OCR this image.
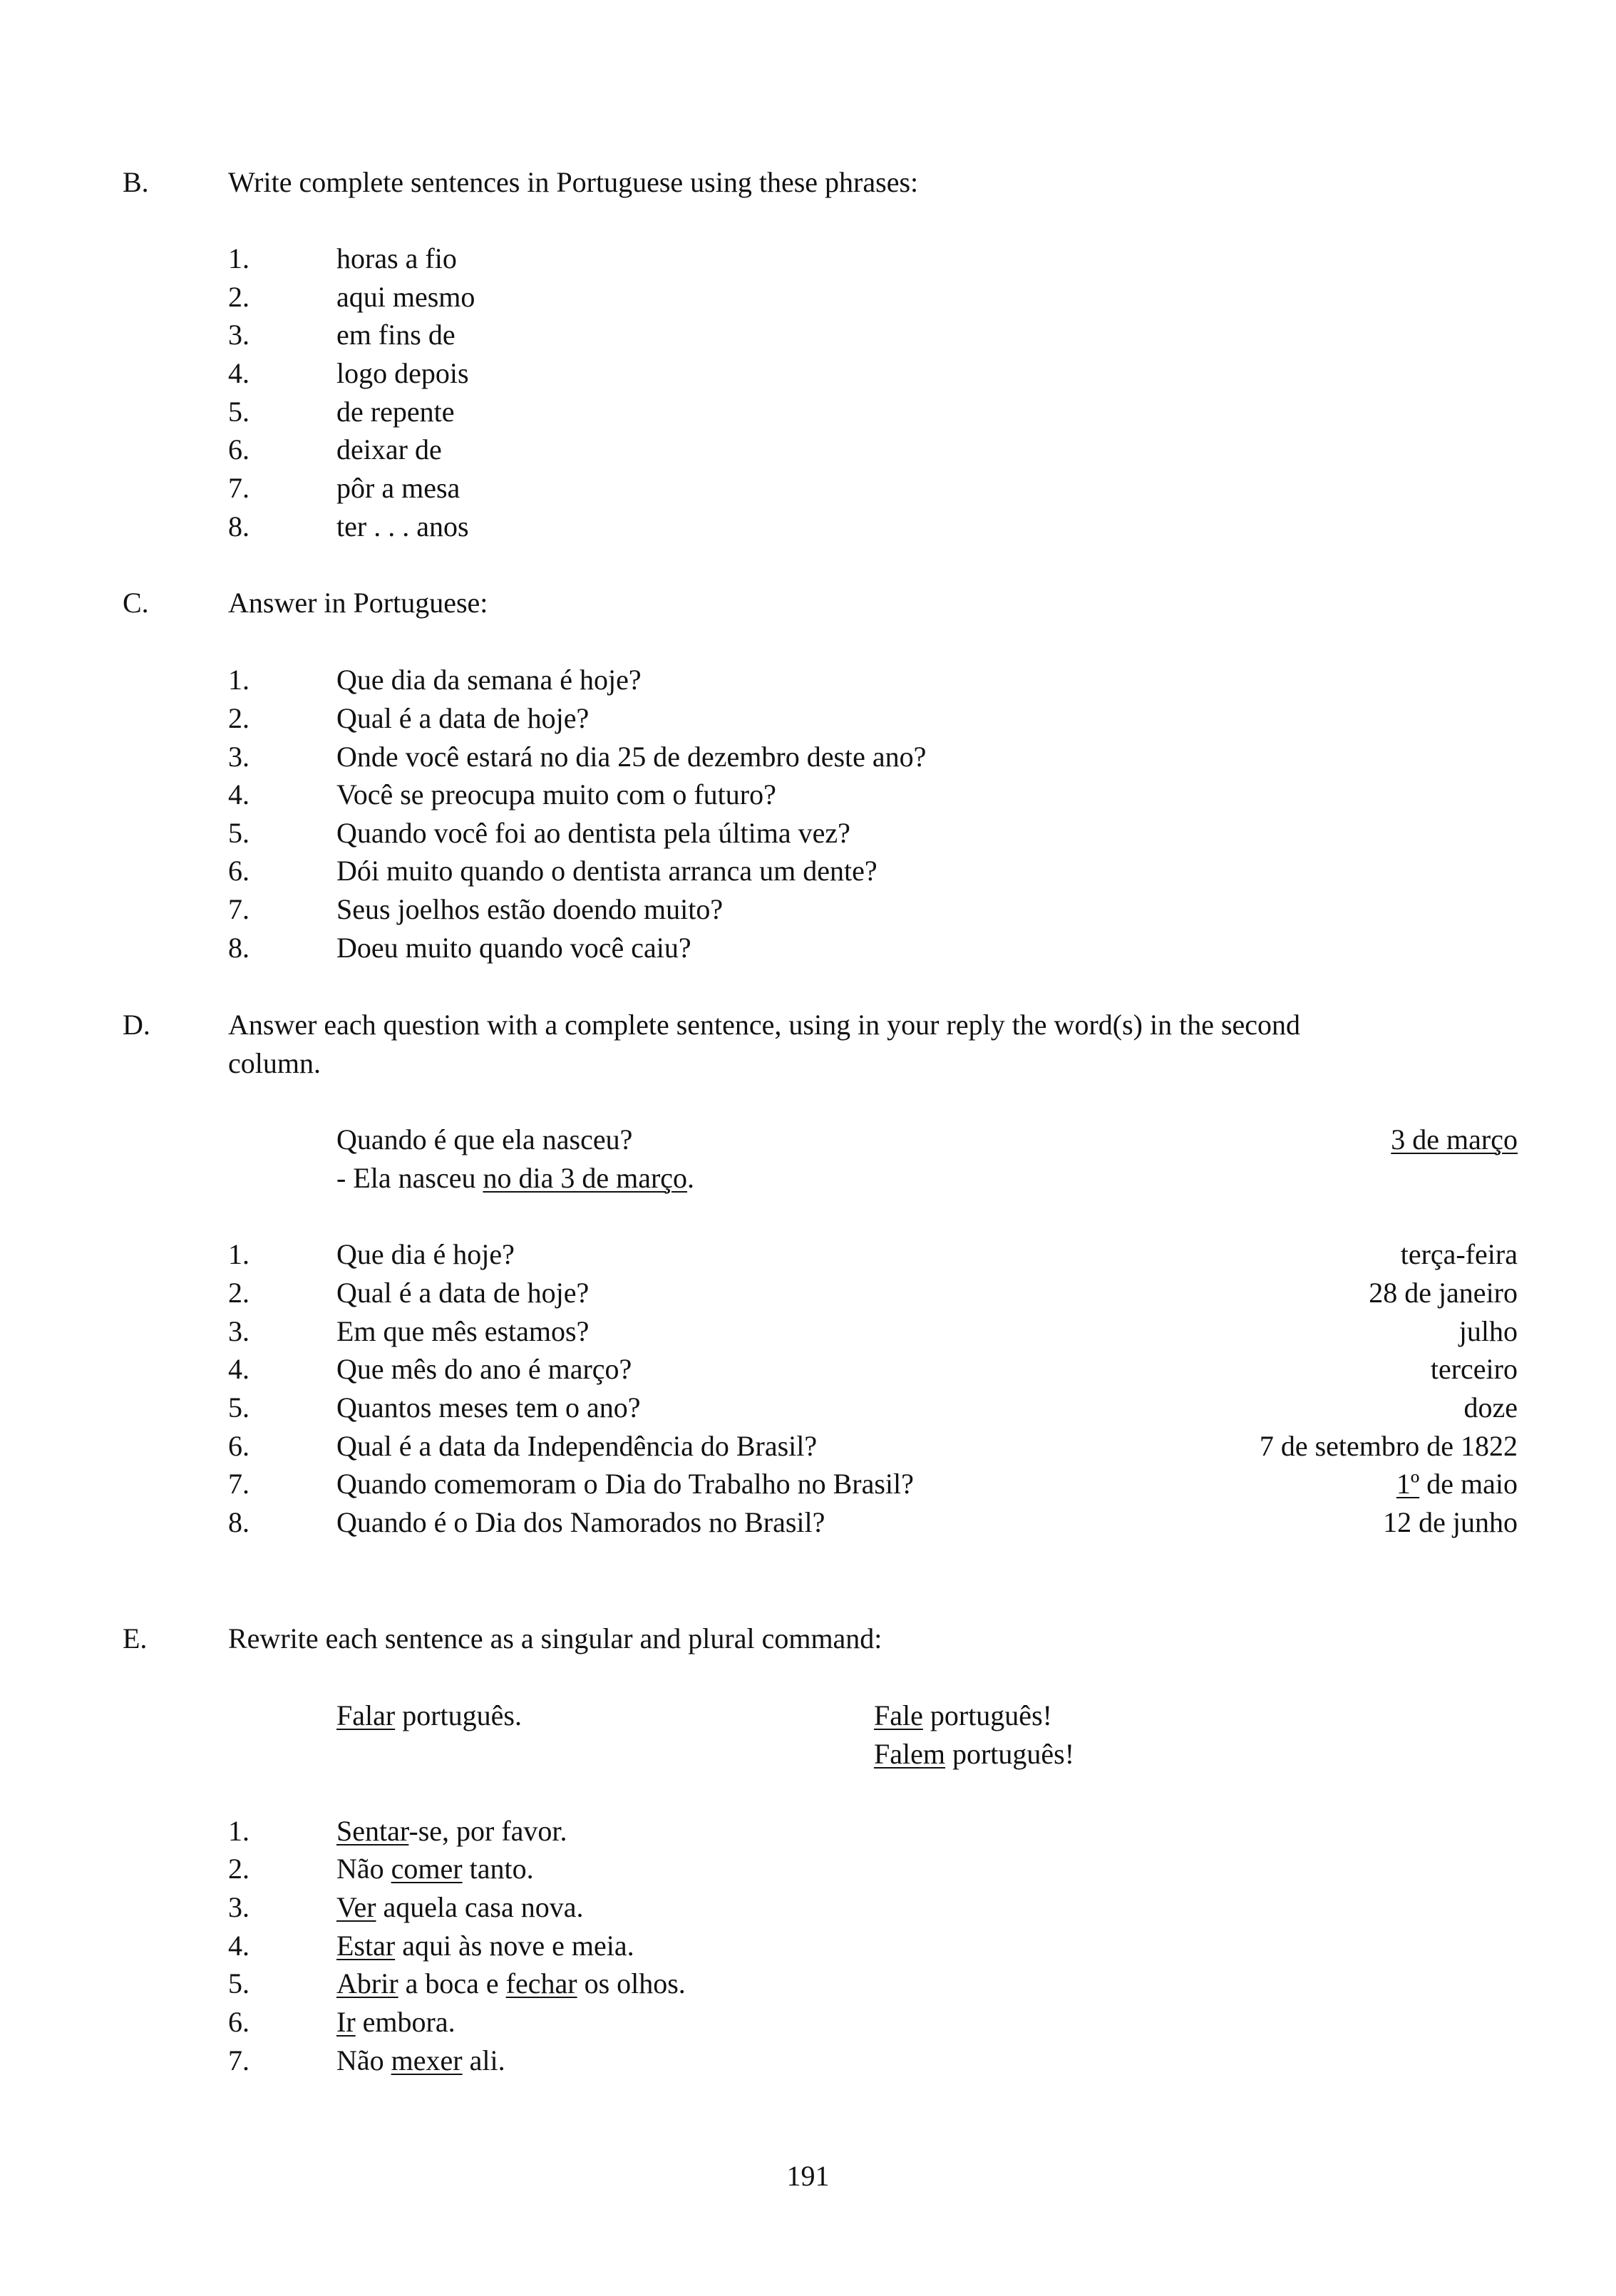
B.	Write complete sentences in Portuguese using these phrases:
1.	horas a fio
2.	aqui mesmo
3.	em fins de
4.	logo depois
5.	de repente
6.	deixar de
7.	pôr a mesa
8.	ter . . . anos
C.	Answer in Portuguese:
1.	Que dia da semana é hoje?
2.	Qual é a data de hoje?
3.	Onde você estará no dia 25 de dezembro deste ano?
4.	Você se preocupa muito com o futuro?
5.	Quando você foi ao dentista pela última vez?
6.	Dói muito quando o dentista arranca um dente?
7.	Seus joelhos estão doendo muito?
8.	Doeu muito quando você caiu?
D.	Answer each question with a complete sentence, using in your reply the word(s) in the second
column.
Quando é que ela nasceu?	3 de março
- Ela nasceu no dia 3 de março.
1.	Que dia é hoje?	terça-feira
2.	Qual é a data de hoje?	28 de janeiro
3.	Em que mês estamos?	julho
4.	Que mês do ano é março?	terceiro
5.	Quantos meses tem o ano?	doze
6.	Qual é a data da Independência do Brasil?	7 de setembro de 1822
7.	Quando comemoram o Dia do Trabalho no Brasil?	1º de maio
8.	Quando é o Dia dos Namorados no Brasil?	12 de junho
E.	Rewrite each sentence as a singular and plural command:
Falar português.	Fale português!
Falem português!
1.	Sentar-se, por favor.
2.	Não comer tanto.
3.	Ver aquela casa nova.
4.	Estar aqui às nove e meia.
5.	Abrir a boca e fechar os olhos.
6.	Ir embora.
7.	Não mexer ali.
191
